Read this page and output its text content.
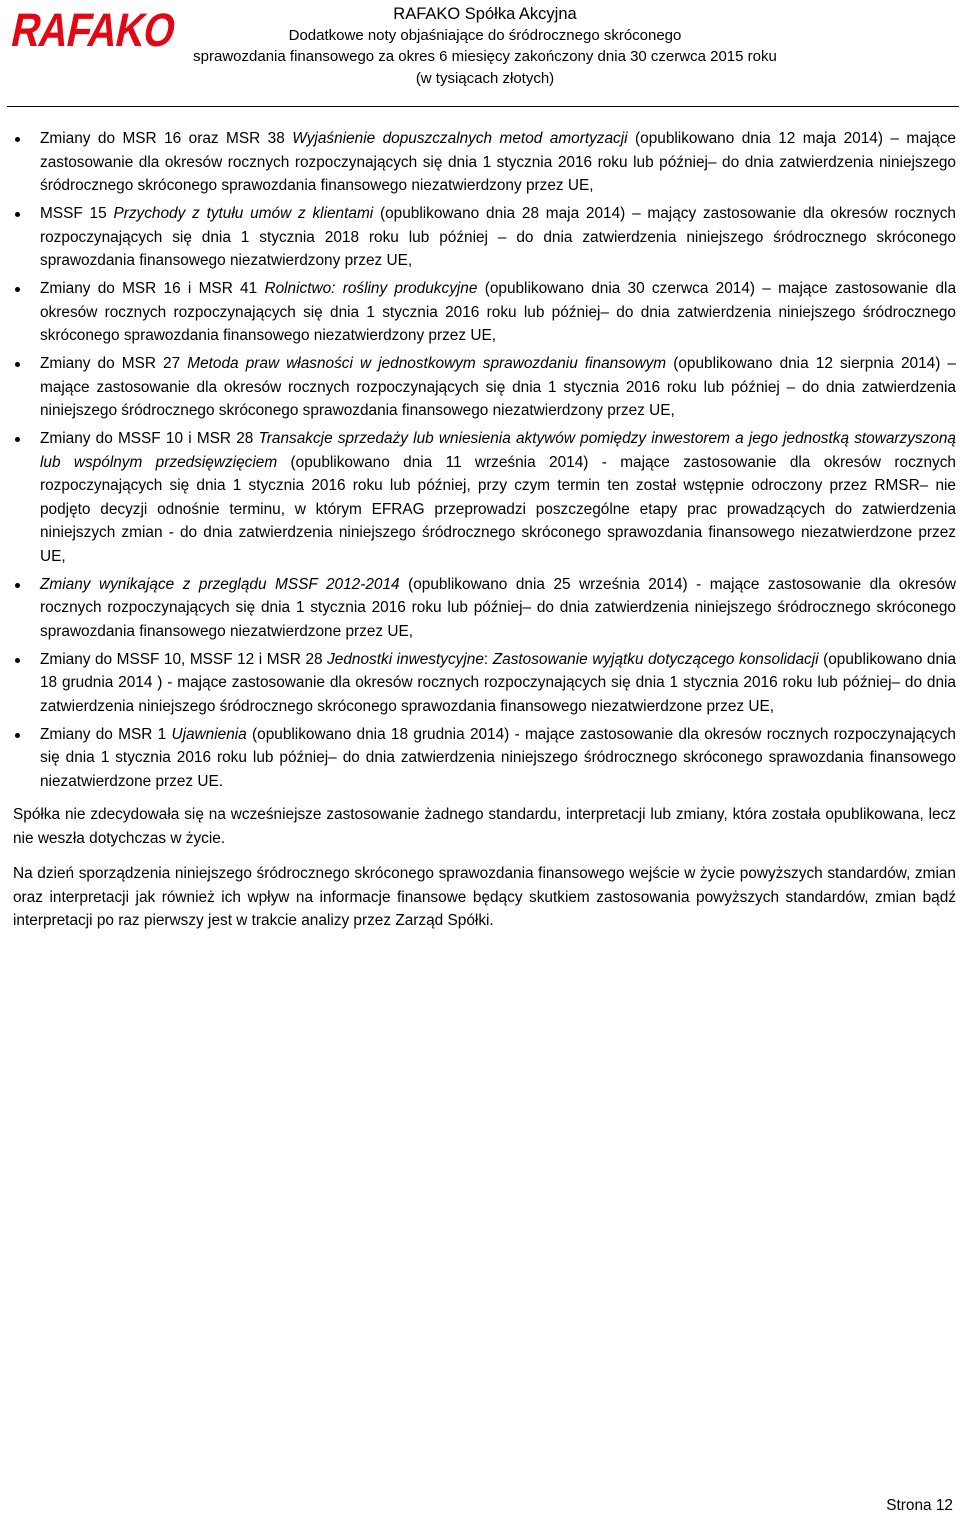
RAFAKO	RAFAKO Spółka Akcyjna
Dodatkowe noty objaśniające do śródrocznego skróconego
sprawozdania finansowego za okres 6 miesięcy zakończony dnia 30 czerwca 2015 roku
(w tysiącach złotych)
Zmiany do MSR 16 oraz MSR 38 Wyjaśnienie dopuszczalnych metod amortyzacji (opublikowano dnia 12 maja 2014) – mające zastosowanie dla okresów rocznych rozpoczynających się dnia 1 stycznia 2016 roku lub później– do dnia zatwierdzenia niniejszego śródrocznego skróconego sprawozdania finansowego niezatwierdzony przez UE,
MSSF 15 Przychody z tytułu umów z klientami (opublikowano dnia 28 maja 2014) – mający zastosowanie dla okresów rocznych rozpoczynających się dnia 1 stycznia 2018 roku lub później – do dnia zatwierdzenia niniejszego śródrocznego skróconego sprawozdania finansowego niezatwierdzony przez UE,
Zmiany do MSR 16 i MSR 41 Rolnictwo: rośliny produkcyjne (opublikowano dnia 30 czerwca 2014) – mające zastosowanie dla okresów rocznych rozpoczynających się dnia 1 stycznia 2016 roku lub później– do dnia zatwierdzenia niniejszego śródrocznego skróconego sprawozdania finansowego niezatwierdzony przez UE,
Zmiany do MSR 27 Metoda praw własności w jednostkowym sprawozdaniu finansowym (opublikowano dnia 12 sierpnia 2014) – mające zastosowanie dla okresów rocznych rozpoczynających się dnia 1 stycznia 2016 roku lub później – do dnia zatwierdzenia niniejszego śródrocznego skróconego sprawozdania finansowego niezatwierdzony przez UE,
Zmiany do MSSF 10 i MSR 28 Transakcje sprzedaży lub wniesienia aktywów pomiędzy inwestorem a jego jednostką stowarzyszoną lub wspólnym przedsięwzięciem (opublikowano dnia 11 września 2014) - mające zastosowanie dla okresów rocznych rozpoczynających się dnia 1 stycznia 2016 roku lub później, przy czym termin ten został wstępnie odroczony przez RMSR– nie podjęto decyzji odnośnie terminu, w którym EFRAG przeprowadzi poszczególne etapy prac prowadzących do zatwierdzenia niniejszych zmian - do dnia zatwierdzenia niniejszego śródrocznego skróconego sprawozdania finansowego niezatwierdzone przez UE,
Zmiany wynikające z przeglądu MSSF 2012-2014 (opublikowano dnia 25 września 2014) - mające zastosowanie dla okresów rocznych rozpoczynających się dnia 1 stycznia 2016 roku lub później– do dnia zatwierdzenia niniejszego śródrocznego skróconego sprawozdania finansowego niezatwierdzone przez UE,
Zmiany do MSSF 10, MSSF 12 i MSR 28 Jednostki inwestycyjne: Zastosowanie wyjątku dotyczącego konsolidacji (opublikowano dnia 18 grudnia 2014 ) - mające zastosowanie dla okresów rocznych rozpoczynających się dnia 1 stycznia 2016 roku lub później– do dnia zatwierdzenia niniejszego śródrocznego skróconego sprawozdania finansowego niezatwierdzone przez UE,
Zmiany do MSR 1 Ujawnienia (opublikowano dnia 18 grudnia 2014) - mające zastosowanie dla okresów rocznych rozpoczynających się dnia 1 stycznia 2016 roku lub później– do dnia zatwierdzenia niniejszego śródrocznego skróconego sprawozdania finansowego niezatwierdzone przez UE.

Spółka nie zdecydowała się na wcześniejsze zastosowanie żadnego standardu, interpretacji lub zmiany, która została opublikowana, lecz nie weszła dotychczas w życie.

Na dzień sporządzenia niniejszego śródrocznego skróconego sprawozdania finansowego wejście w życie powyższych standardów, zmian oraz interpretacji jak również ich wpływ na informacje finansowe będący skutkiem zastosowania powyższych standardów, zmian bądź interpretacji po raz pierwszy jest w trakcie analizy przez Zarząd Spółki.

Strona 12
